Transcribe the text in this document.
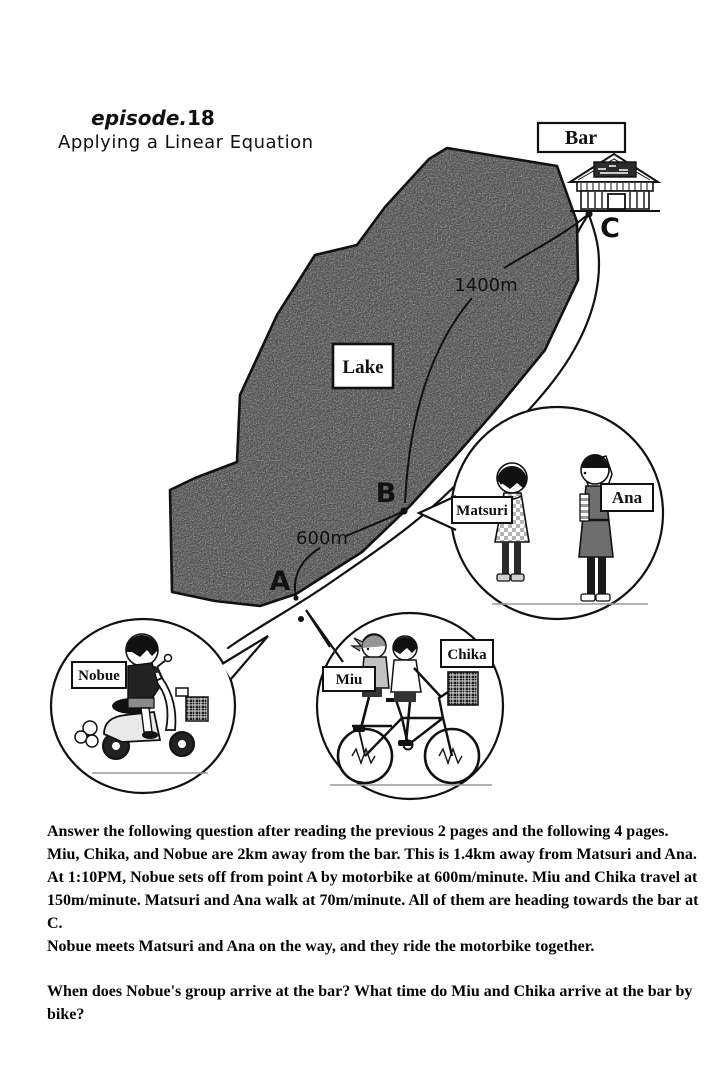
episode.18
Applying a Linear Equation
A
B
C
600m
1400m
Lake
Bar
Matsuri
Ana
Nobue	Miu
Chika

Answer the following question after reading the previous 2 pages and the following 4 pages.

Miu, Chika, and Nobue are 2km away from the bar. This is 1.4km away from Matsuri and Ana.

At 1:10PM, Nobue sets off from point A by motorbike at 600m/minute. Miu and Chika travel at 150m/minute. Matsuri and Ana walk at 70m/minute. All of them are heading towards the bar at C.

Nobue meets Matsuri and Ana on the way, and they ride the motorbike together.

When does Nobue's group arrive at the bar? What time do Miu and Chika arrive at the bar by bike?
